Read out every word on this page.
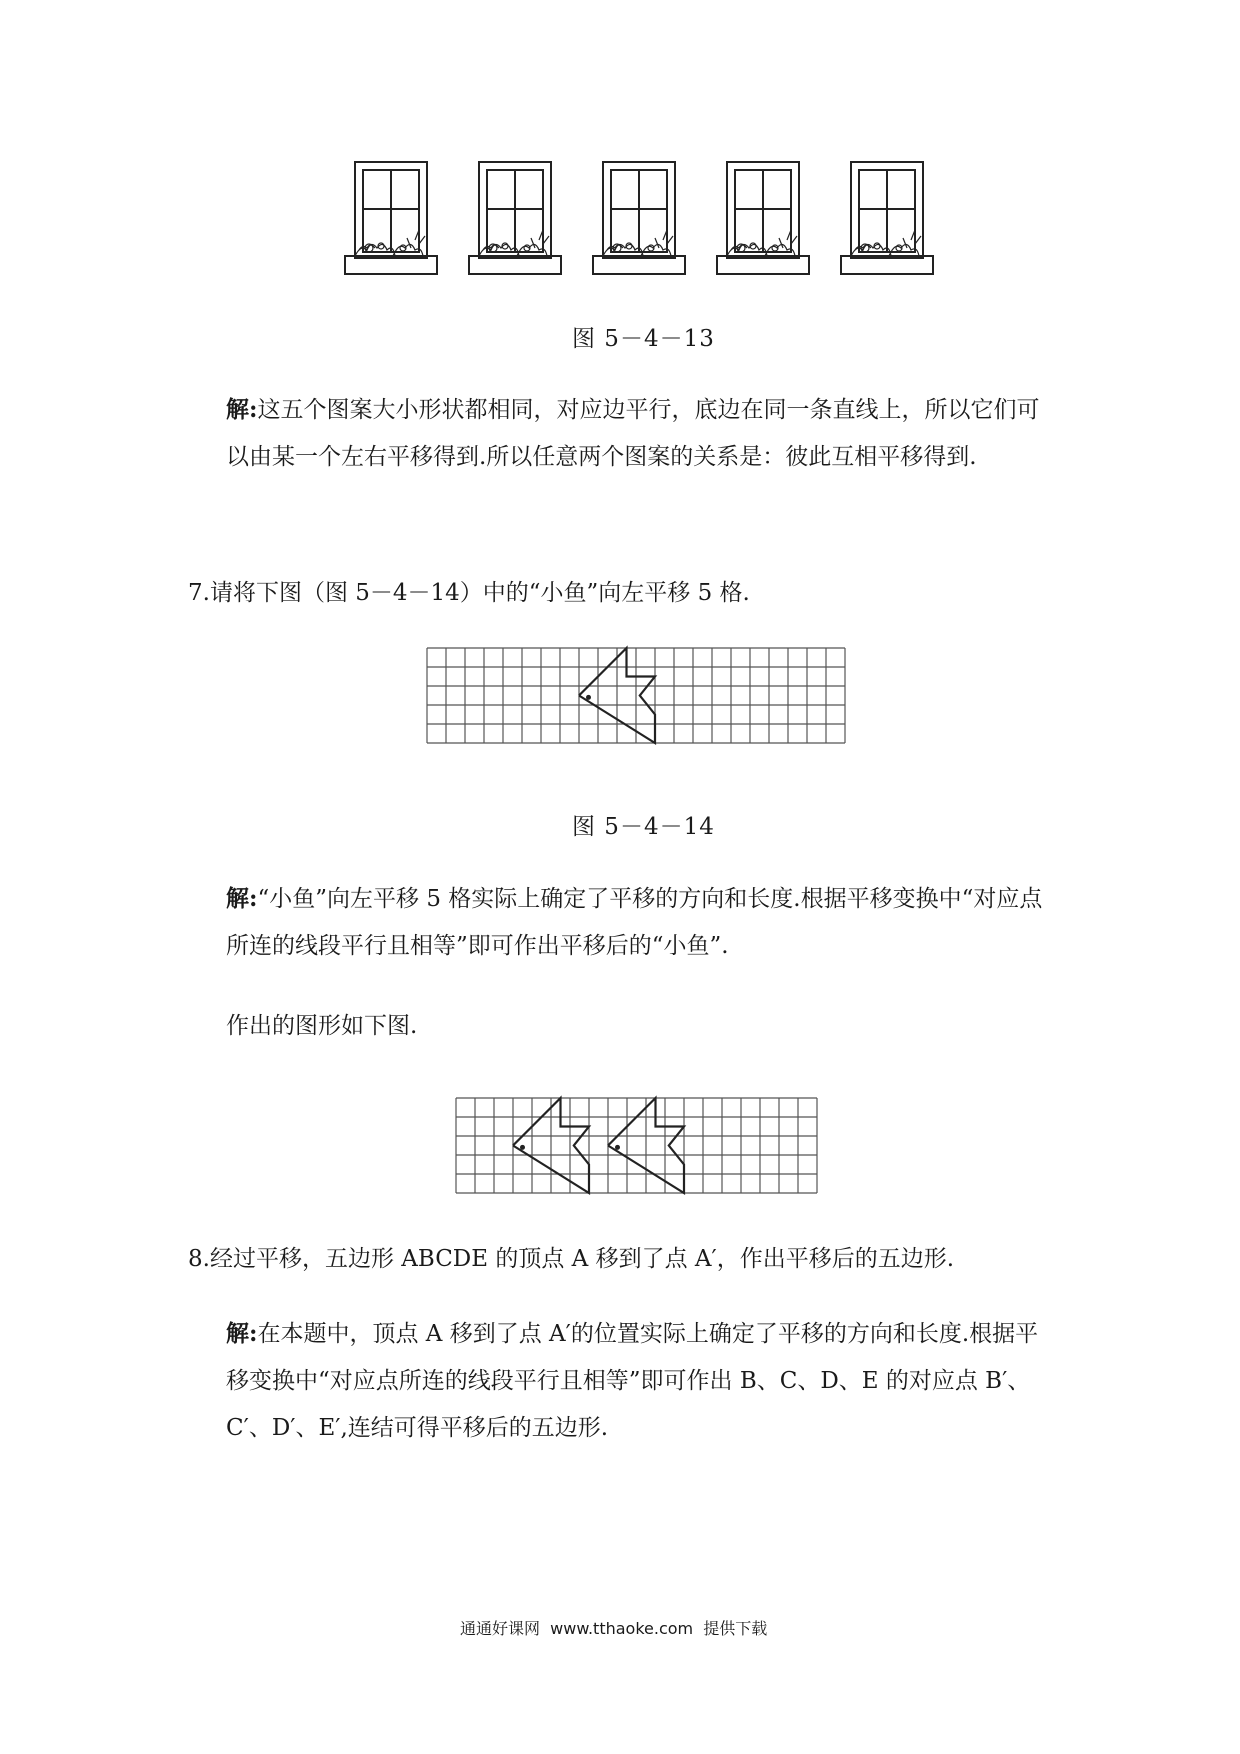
图 5－4－13
解:这五个图案大小形状都相同，对应边平行，底边在同一条直线上，所以它们可以由某一个左右平移得到.所以任意两个图案的关系是：彼此互相平移得到.
7.请将下图（图 5－4－14）中的“小鱼”向左平移 5 格.
图 5－4－14
解:“小鱼”向左平移 5 格实际上确定了平移的方向和长度.根据平移变换中“对应点所连的线段平行且相等”即可作出平移后的“小鱼”.
作出的图形如下图.
8.经过平移，五边形 ABCDE 的顶点 A 移到了点 A′，作出平移后的五边形.
解:在本题中，顶点 A 移到了点 A′的位置实际上确定了平移的方向和长度.根据平移变换中“对应点所连的线段平行且相等”即可作出 B、C、D、E 的对应点 B′、C′、D′、E′,连结可得平移后的五边形.
通通好课网  www.tthaoke.com  提供下载
